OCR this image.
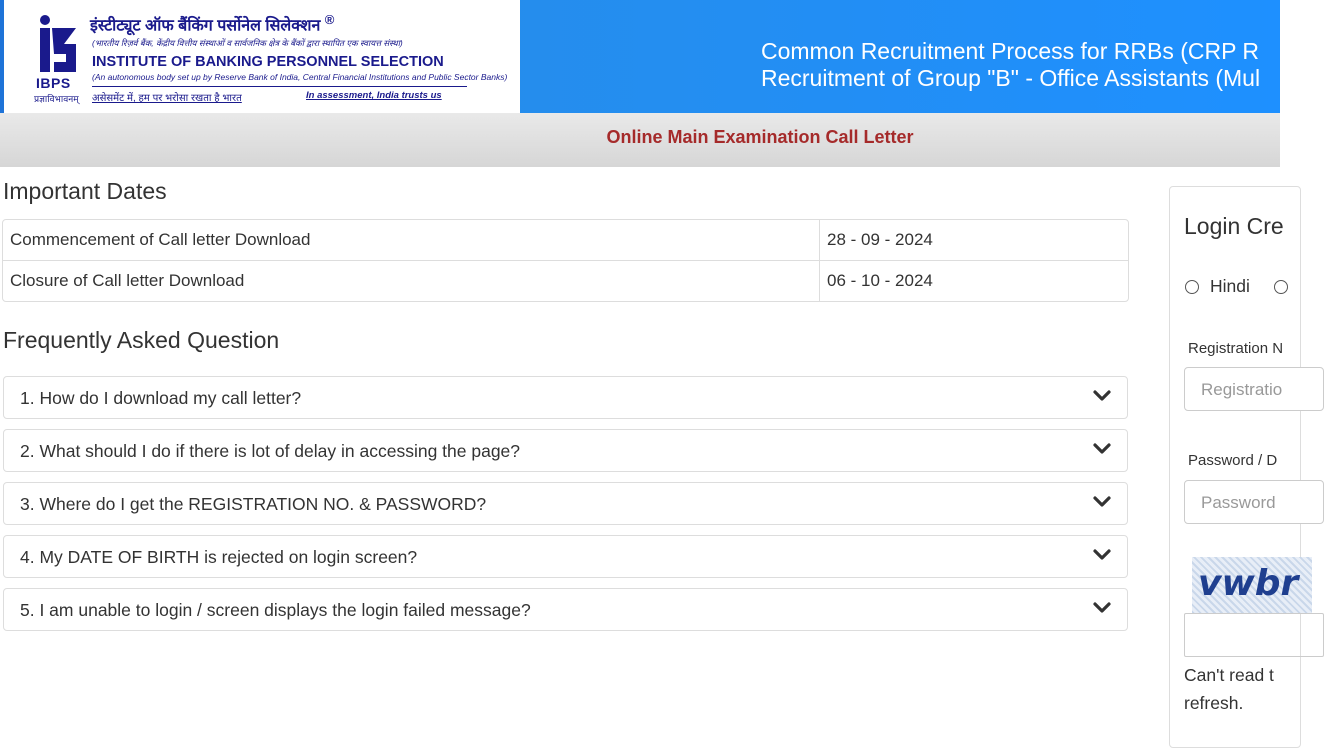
IBPS
प्रज्ञाविभावनम्
इंस्टीट्यूट ऑफ बैंकिंग पर्सोनेल सिलेक्शन ®
(भारतीय रिज़र्व बैंक, केंद्रीय वित्तीय संस्थाओं व सार्वजनिक क्षेत्र के बैंकों द्वारा स्थापित एक स्वायत्त संस्था)
INSTITUTE OF BANKING PERSONNEL SELECTION
(An autonomous body set up by Reserve Bank of India, Central Financial Institutions and Public Sector Banks)
असेसमेंट में, हम पर भरोसा रखता है भारत	In assessment, India trusts us
Common Recruitment Process for RRBs (CRP R
Recruitment of Group "B" - Office Assistants (Mul
Online Main Examination Call Letter
Important Dates
Commencement of Call letter Download	28 - 09 - 2024
Closure of Call letter Download	06 - 10 - 2024
Frequently Asked Question
1. How do I download my call letter?
2. What should I do if there is lot of delay in accessing the page?
3. Where do I get the REGISTRATION NO. & PASSWORD?
4. My DATE OF BIRTH is rejected on login screen?
5. I am unable to login / screen displays the login failed message?
Login Cre
Hindi
Registration N
Registratio
Password / D
Password
vwbr
Can't read t
refresh.
